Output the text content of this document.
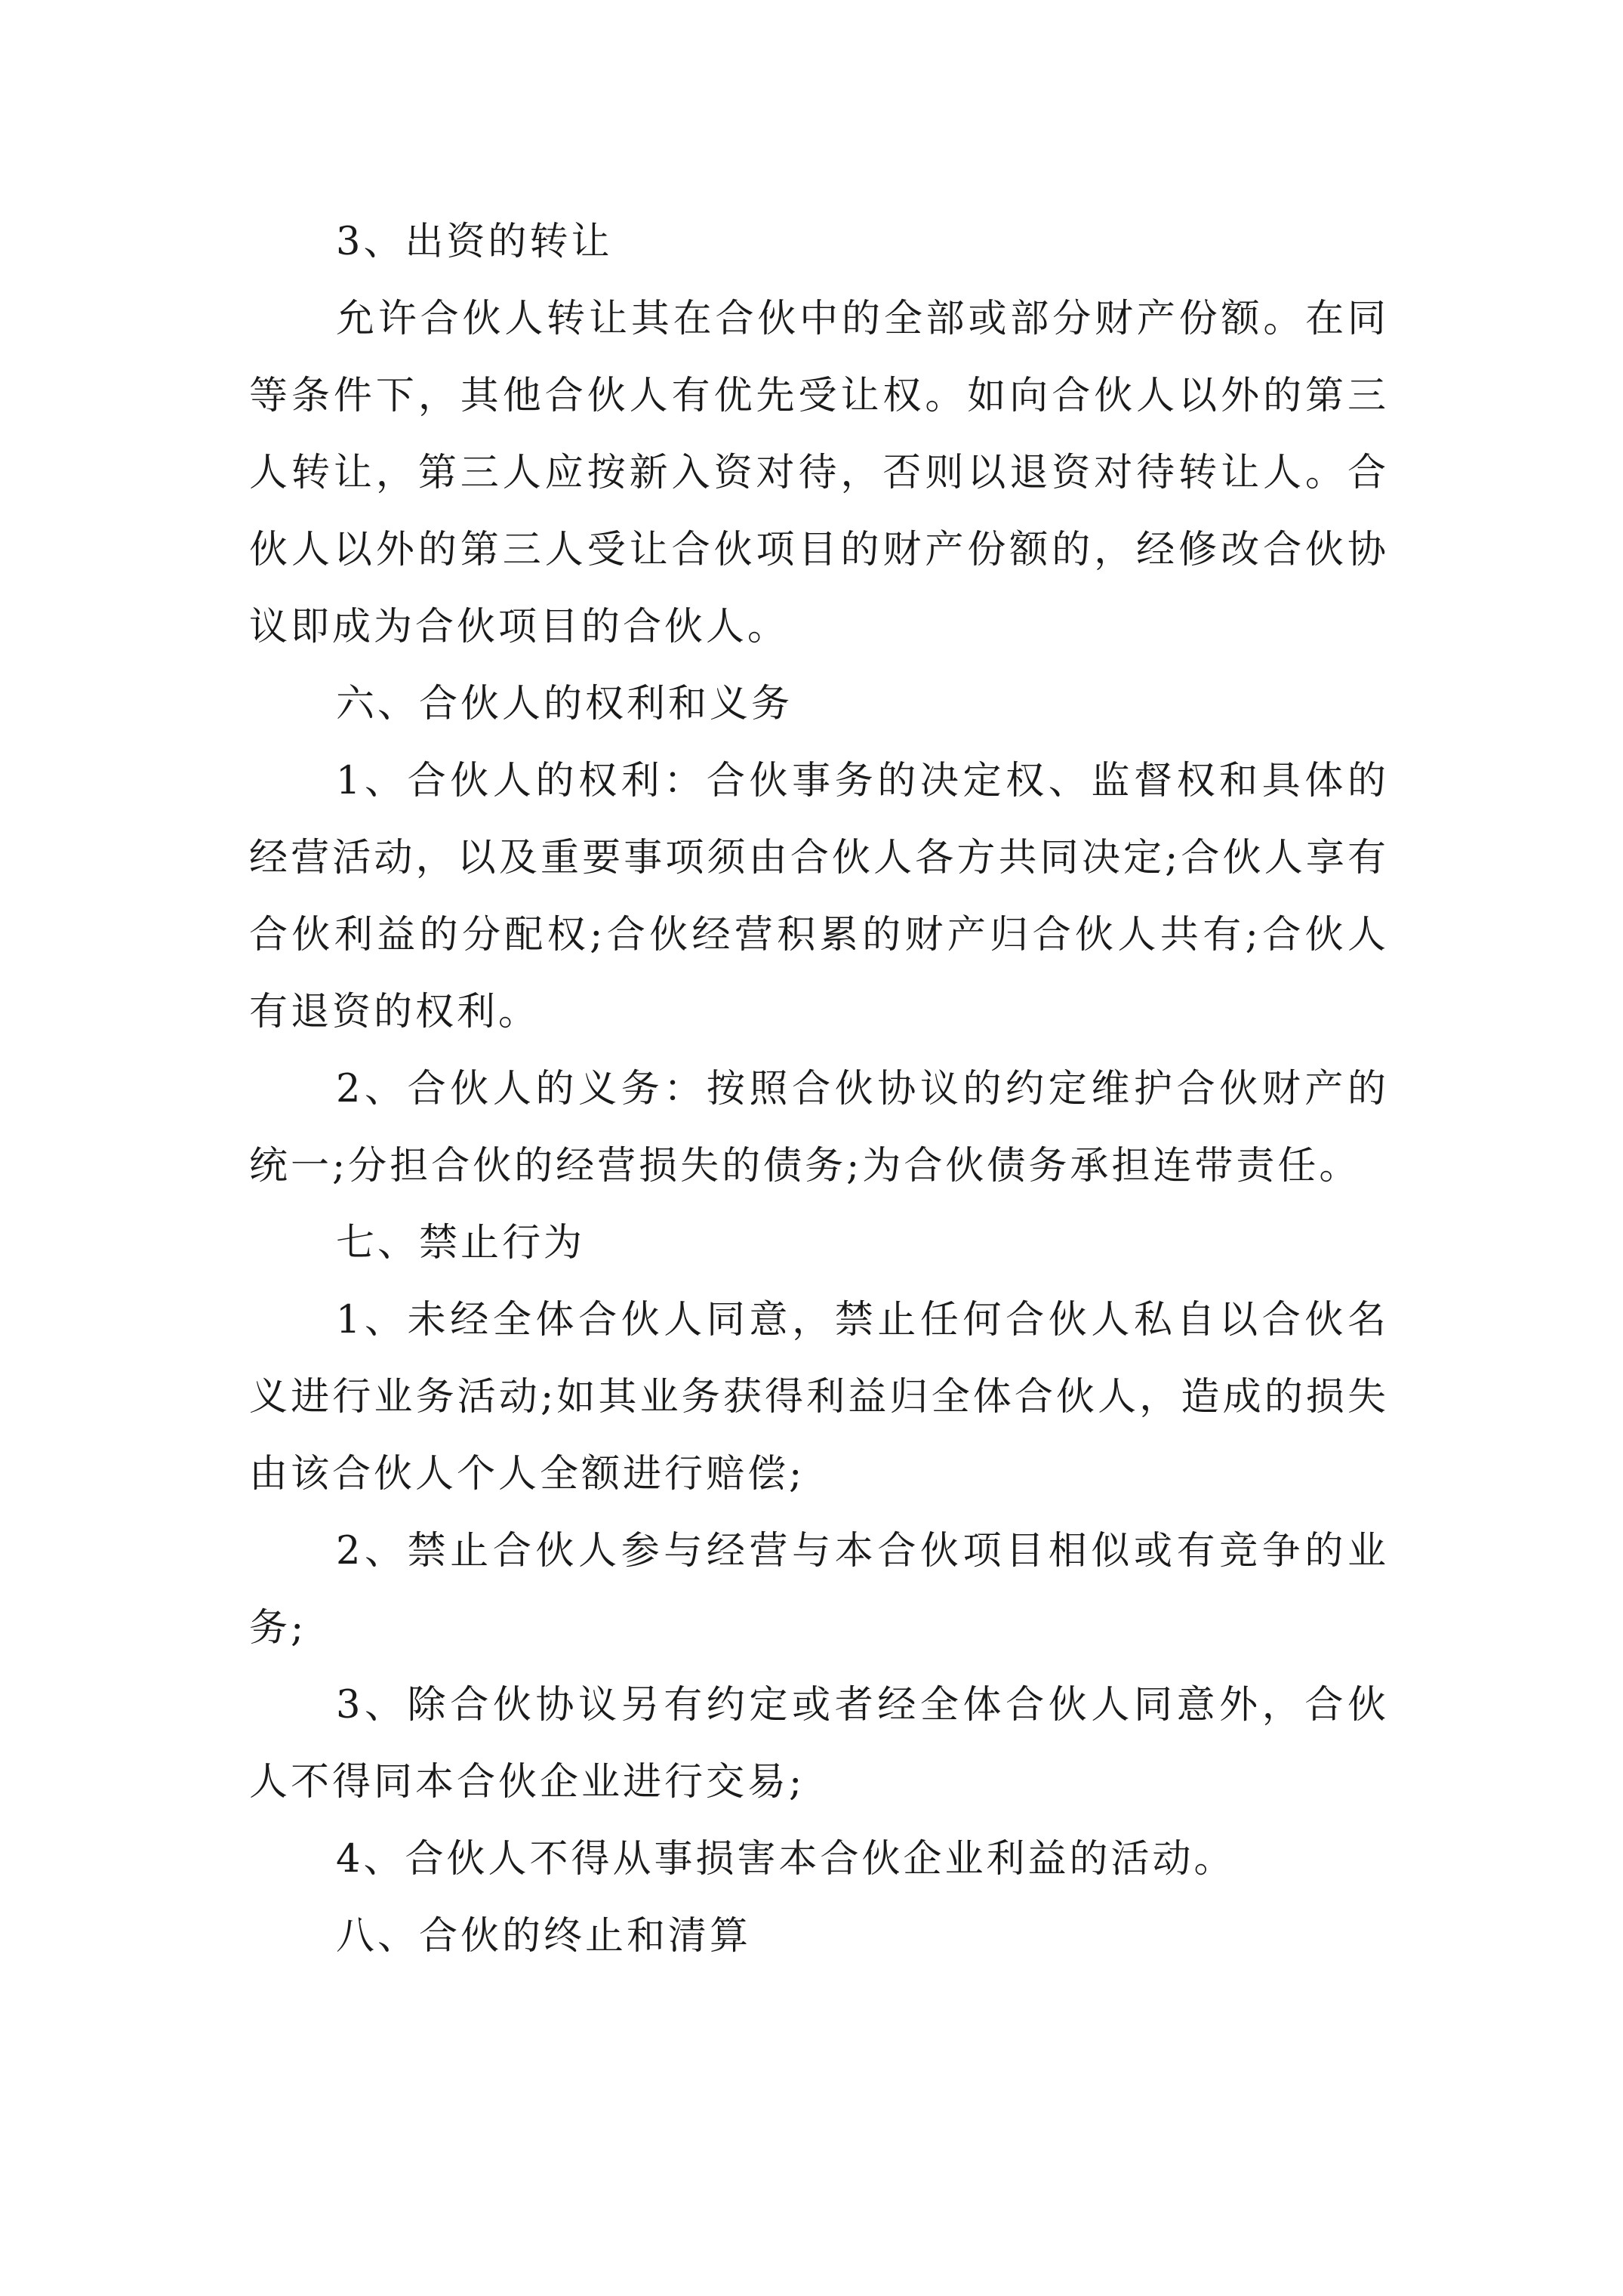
3、出资的转让

允许合伙人转让其在合伙中的全部或部分财产份额。在同等条件下，其他合伙人有优先受让权。如向合伙人以外的第三人转让，第三人应按新入资对待，否则以退资对待转让人。合伙人以外的第三人受让合伙项目的财产份额的，经修改合伙协议即成为合伙项目的合伙人。

六、合伙人的权利和义务

1、合伙人的权利：合伙事务的决定权、监督权和具体的经营活动，以及重要事项须由合伙人各方共同决定;合伙人享有合伙利益的分配权;合伙经营积累的财产归合伙人共有;合伙人有退资的权利。

2、合伙人的义务：按照合伙协议的约定维护合伙财产的统一;分担合伙的经营损失的债务;为合伙债务承担连带责任。

七、禁止行为

1、未经全体合伙人同意，禁止任何合伙人私自以合伙名义进行业务活动;如其业务获得利益归全体合伙人，造成的损失由该合伙人个人全额进行赔偿;

2、禁止合伙人参与经营与本合伙项目相似或有竞争的业务;

3、除合伙协议另有约定或者经全体合伙人同意外，合伙人不得同本合伙企业进行交易;

4、合伙人不得从事损害本合伙企业利益的活动。

八、合伙的终止和清算
